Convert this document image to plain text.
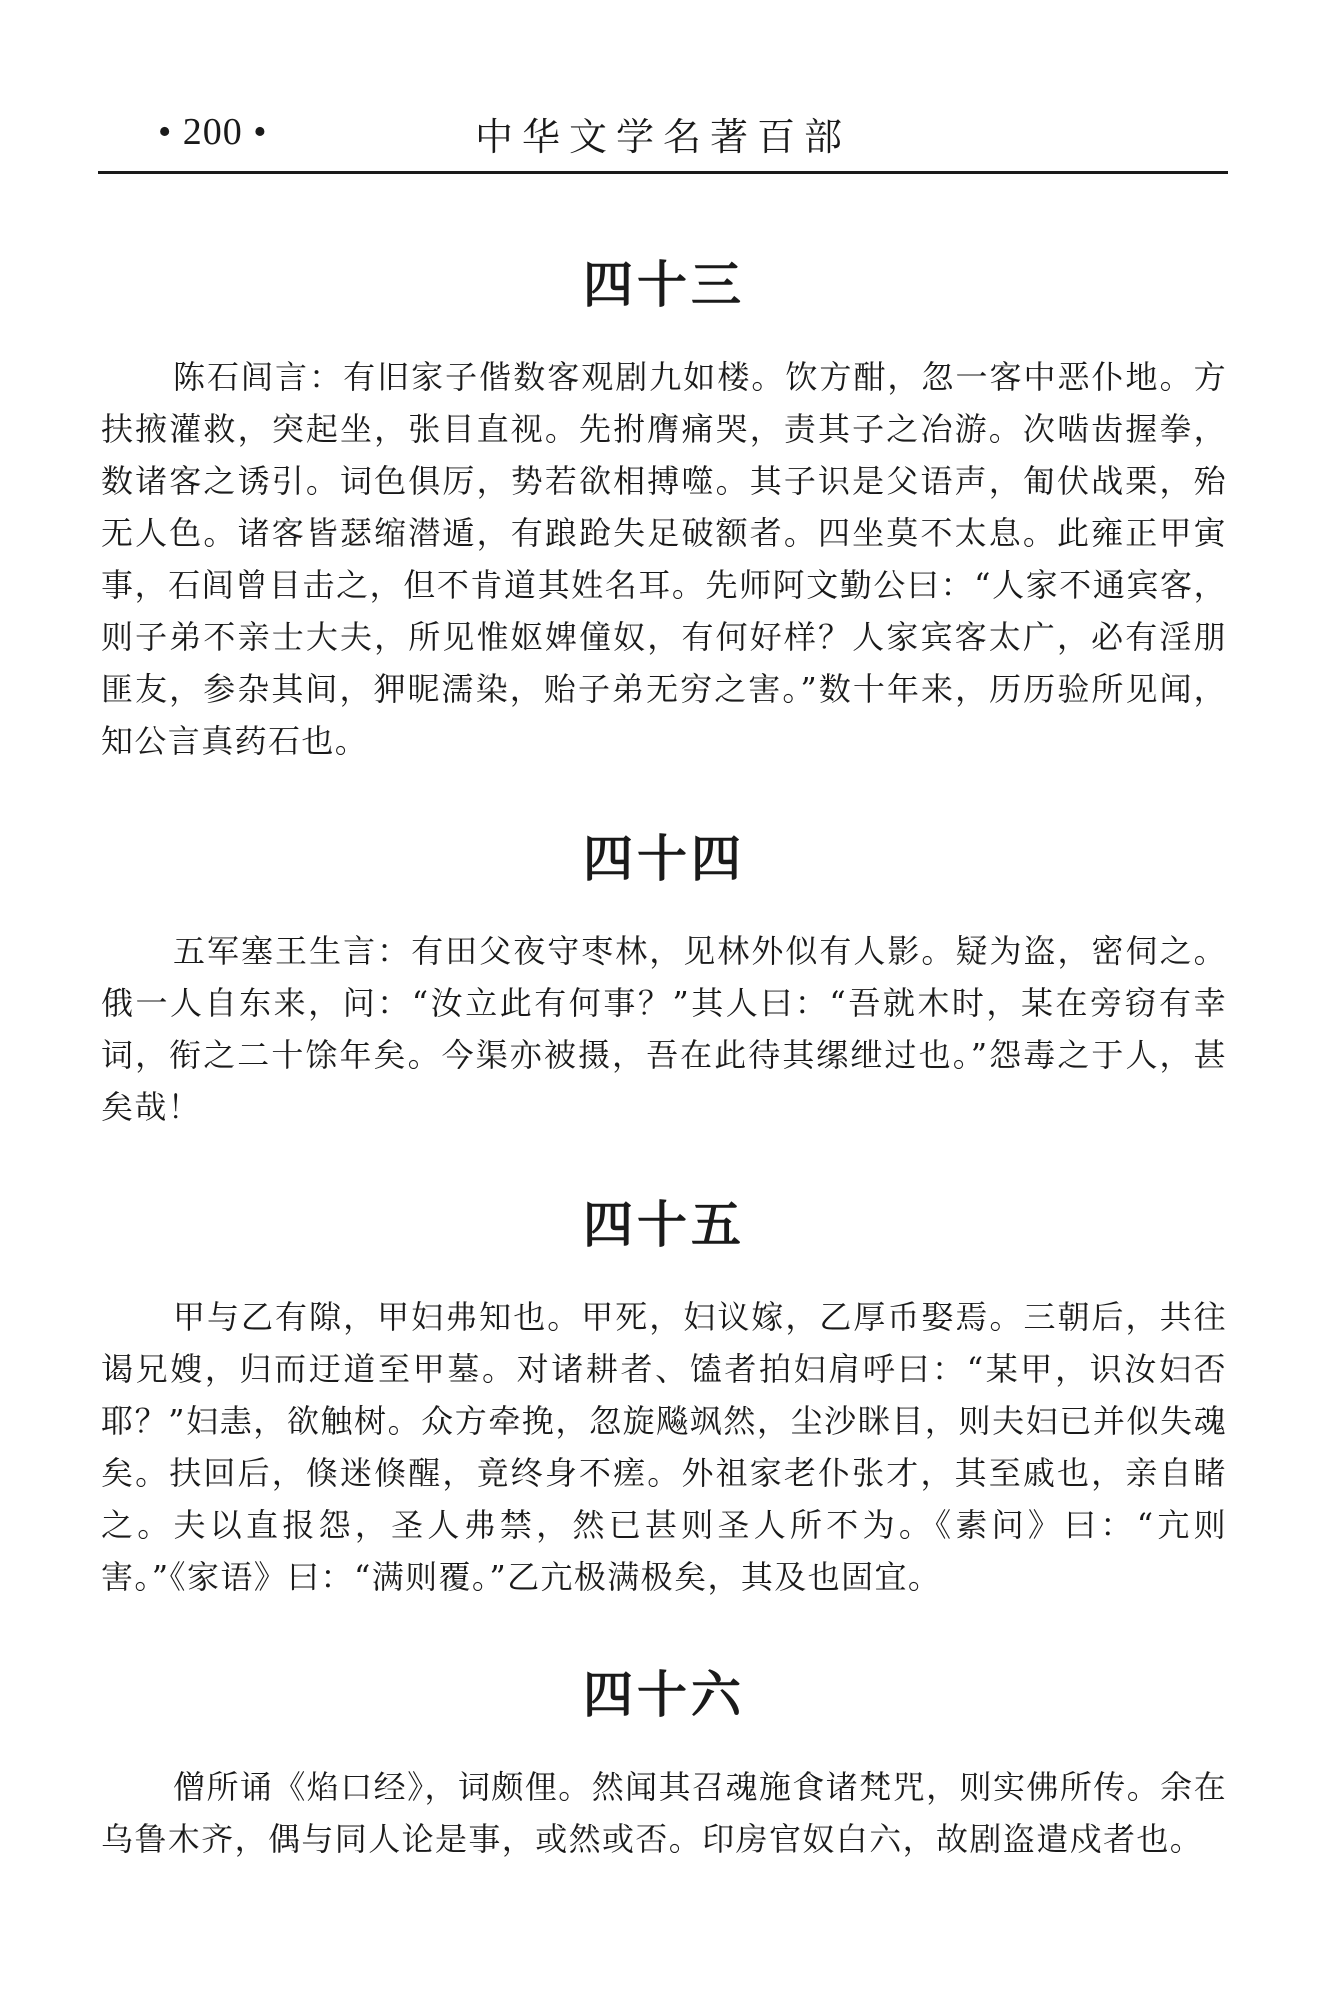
• 200 •	中华文学名著百部
四十三

陈石闾言：有旧家子偕数客观剧九如楼。饮方酣，忽一客中恶仆地。方扶掖灌救，突起坐，张目直视。先拊膺痛哭，责其子之冶游。次啮齿握拳，数诸客之诱引。词色俱厉，势若欲相搏噬。其子识是父语声，匍伏战栗，殆无人色。诸客皆瑟缩潜遁，有踉跄失足破额者。四坐莫不太息。此雍正甲寅事，石闾曾目击之，但不肯道其姓名耳。先师阿文勤公曰：“人家不通宾客，则子弟不亲士大夫，所见惟妪婢僮奴，有何好样？人家宾客太广，必有淫朋匪友，参杂其间，狎昵濡染，贻子弟无穷之害。”数十年来，历历验所见闻，知公言真药石也。

四十四

五军塞王生言：有田父夜守枣林，见林外似有人影。疑为盗，密伺之。俄一人自东来，问：“汝立此有何事？”其人曰：“吾就木时，某在旁窃有幸词，衔之二十馀年矣。今渠亦被摄，吾在此待其缧绁过也。”怨毒之于人，甚矣哉！

四十五

甲与乙有隙，甲妇弗知也。甲死，妇议嫁，乙厚币娶焉。三朝后，共往谒兄嫂，归而迂道至甲墓。对诸耕者、馌者拍妇肩呼曰：“某甲，识汝妇否耶？”妇恚，欲触树。众方牵挽，忽旋飚飒然，尘沙眯目，则夫妇已并似失魂矣。扶回后，倏迷倏醒，竟终身不瘥。外祖家老仆张才，其至戚也，亲自睹之。夫以直报怨，圣人弗禁，然已甚则圣人所不为。《素问》曰：“亢则害。”《家语》曰：“满则覆。”乙亢极满极矣，其及也固宜。

四十六

僧所诵《焰口经》，词颇俚。然闻其召魂施食诸梵咒，则实佛所传。余在乌鲁木齐，偶与同人论是事，或然或否。印房官奴白六，故剧盗遣戍者也。
